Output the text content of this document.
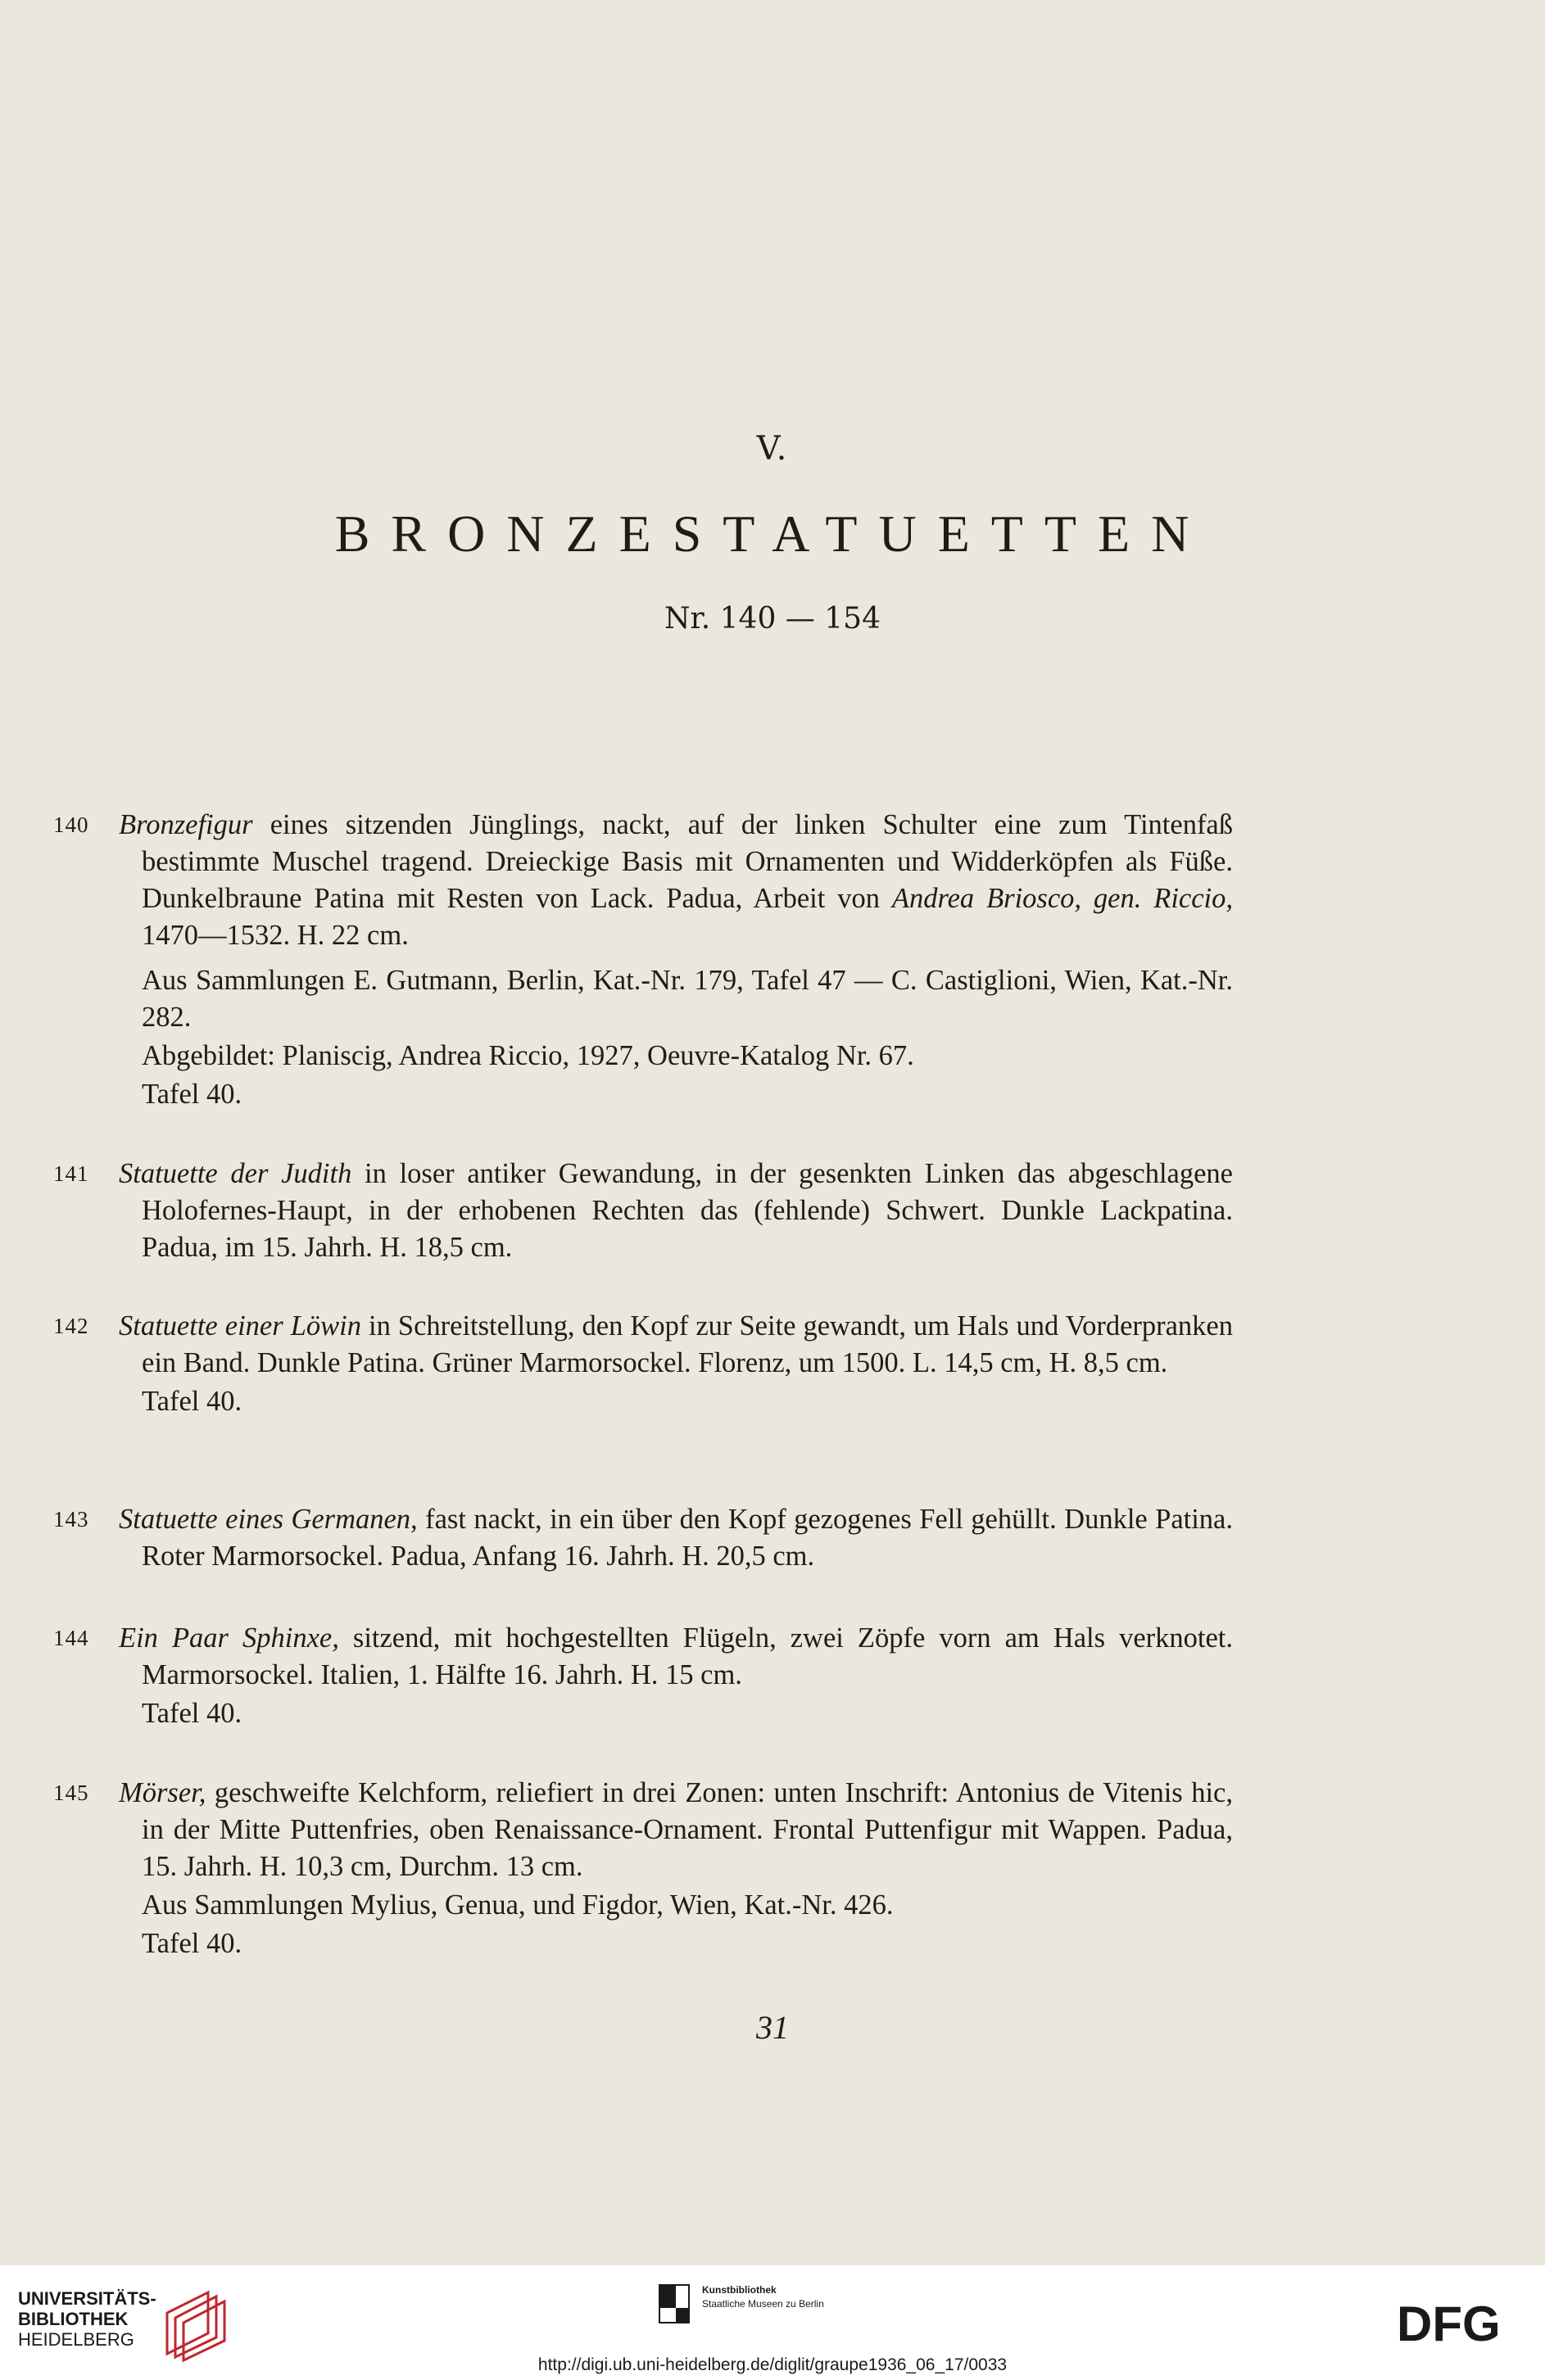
V.
BRONZESTATUETTEN
Nr. 140 — 154
140	Bronzefigur eines sitzenden Jünglings, nackt, auf der linken Schulter eine zum Tintenfaß bestimmte Muschel tragend. Dreieckige Basis mit Ornamenten und Widderköpfen als Füße. Dunkelbraune Patina mit Resten von Lack. Padua, Arbeit von Andrea Briosco, gen. Riccio, 1470—1532. H. 22 cm.
Aus Sammlungen E. Gutmann, Berlin, Kat.-Nr. 179, Tafel 47 — C. Castiglioni, Wien, Kat.-Nr. 282.
Abgebildet: Planiscig, Andrea Riccio, 1927, Oeuvre-Katalog Nr. 67.
Tafel 40.
141	Statuette der Judith in loser antiker Gewandung, in der gesenkten Linken das abgeschlagene Holofernes-Haupt, in der erhobenen Rechten das (fehlende) Schwert. Dunkle Lackpatina. Padua, im 15. Jahrh. H. 18,5 cm.
142	Statuette einer Löwin in Schreitstellung, den Kopf zur Seite gewandt, um Hals und Vorderpranken ein Band. Dunkle Patina. Grüner Marmorsockel. Florenz, um 1500. L. 14,5 cm, H. 8,5 cm.
Tafel 40.
143	Statuette eines Germanen, fast nackt, in ein über den Kopf gezogenes Fell gehüllt. Dunkle Patina. Roter Marmorsockel. Padua, Anfang 16. Jahrh. H. 20,5 cm.
144	Ein Paar Sphinxe, sitzend, mit hochgestellten Flügeln, zwei Zöpfe vorn am Hals verknotet. Marmorsockel. Italien, 1. Hälfte 16. Jahrh. H. 15 cm.
Tafel 40.
145	Mörser, geschweifte Kelchform, reliefiert in drei Zonen: unten Inschrift: Antonius de Vitenis hic, in der Mitte Puttenfries, oben Renaissance-Ornament. Frontal Puttenfigur mit Wappen. Padua, 15. Jahrh. H. 10,3 cm, Durchm. 13 cm.
Aus Sammlungen Mylius, Genua, und Figdor, Wien, Kat.-Nr. 426.
Tafel 40.
31
UNIVERSITÄTS-
BIBLIOTHEK
HEIDELBERG
Kunstbibliothek
Staatliche Museen zu Berlin	DFG
http://digi.ub.uni-heidelberg.de/diglit/graupe1936_06_17/0033
